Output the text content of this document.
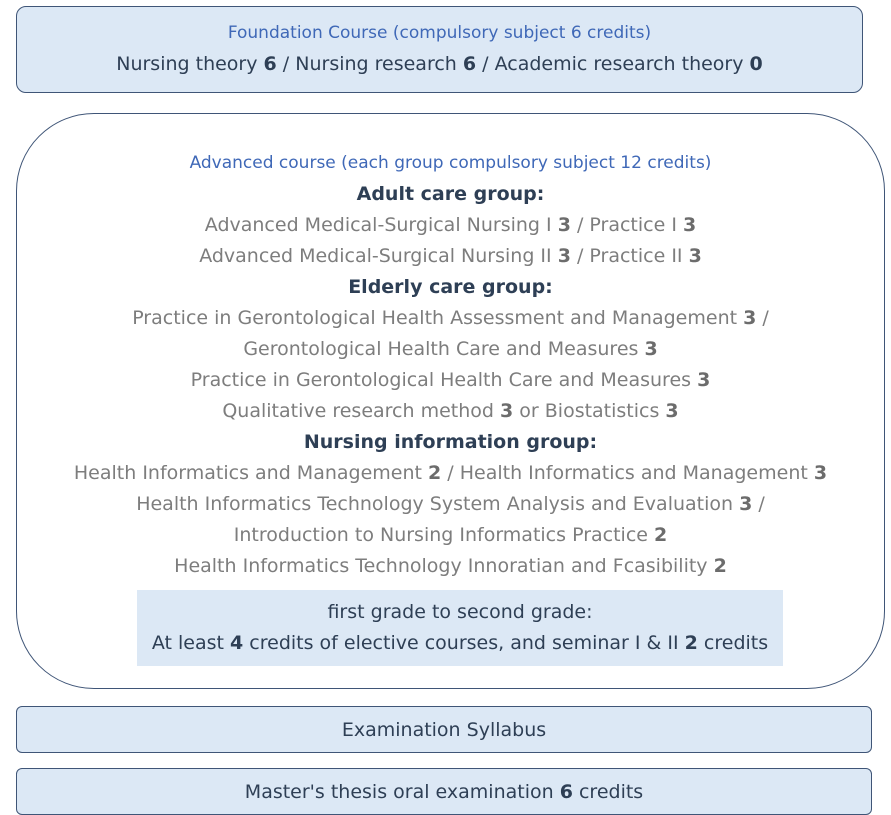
Foundation Course (compulsory subject 6 credits)
Nursing theory 6 / Nursing research 6 / Academic research theory 0
Advanced course (each group compulsory subject 12 credits)
Adult care group:
Advanced Medical-Surgical Nursing I 3 / Practice I 3
Advanced Medical-Surgical Nursing II 3 / Practice II 3
Elderly care group:
Practice in Gerontological Health Assessment and Management 3 /
Gerontological Health Care and Measures 3
Practice in Gerontological Health Care and Measures 3
Qualitative research method 3 or Biostatistics 3
Nursing information group:
Health Informatics and Management 2 / Health Informatics and Management 3
Health Informatics Technology System Analysis and Evaluation 3 /
Introduction to Nursing Informatics Practice 2
Health Informatics Technology Innoratian and Fcasibility 2
first grade to second grade:
At least 4 credits of elective courses, and seminar I & II 2 credits
Examination Syllabus
Master's thesis oral examination 6 credits
